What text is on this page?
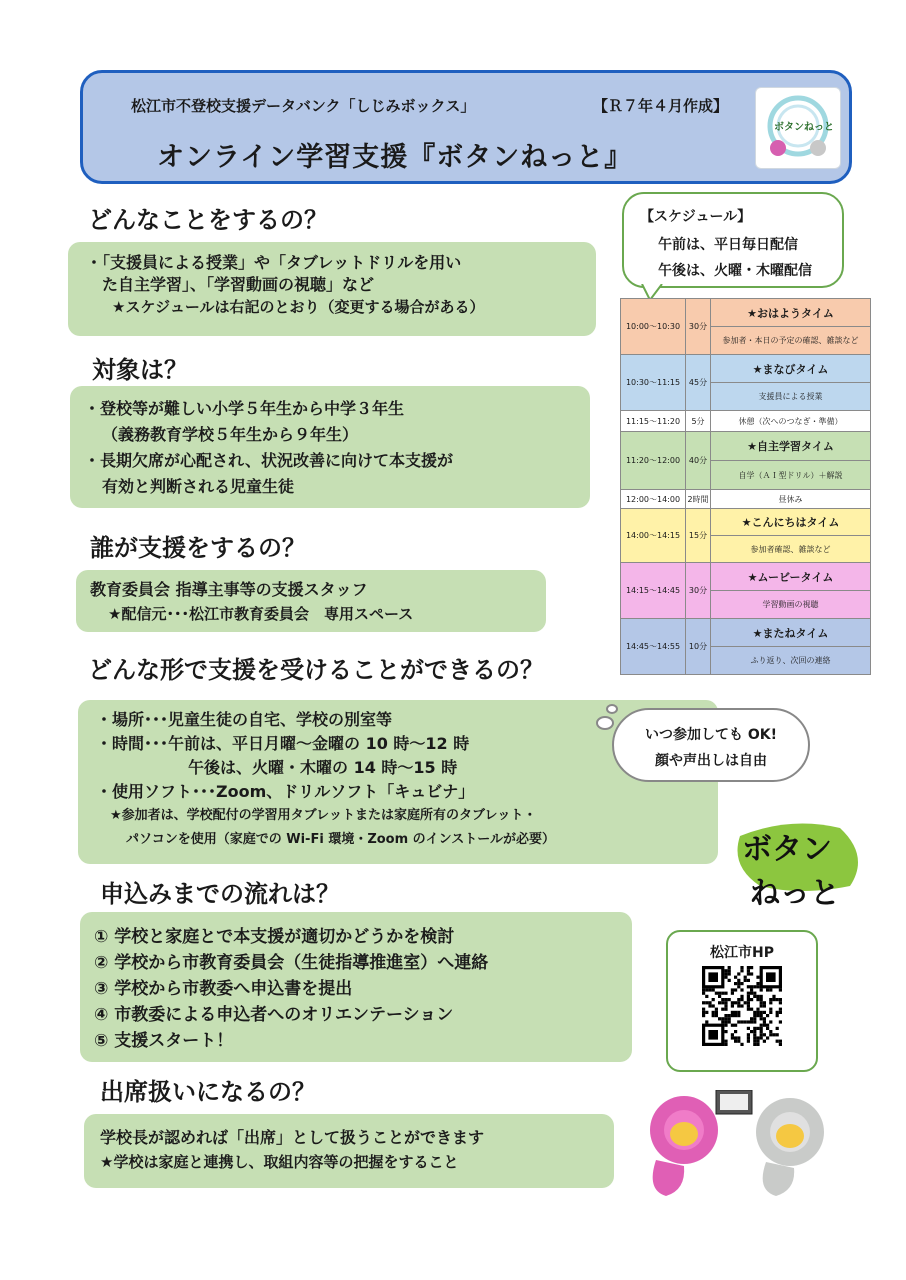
松江市不登校支援データバンク「しじみボックス」	【Ｒ７年４月作成】
オンライン学習支援『ボタンねっと』
ボタンねっと
どんなことをするの？

・「支援員による授業」や「タブレットドリルを用い

　た自主学習」、「学習動画の視聴」など

★スケジュールは右記のとおり（変更する場合がある）

対象は？

・登校等が難しい小学５年生から中学３年生

（義務教育学校５年生から９年生）

・長期欠席が心配され、状況改善に向けて本支援が

有効と判断される児童生徒

誰が支援をするの？

教育委員会 指導主事等の支援スタッフ

★配信元･･･松江市教育委員会　専用スペース

どんな形で支援を受けることができるの？

・場所･･･児童生徒の自宅、学校の別室等

・時間･･･午前は、平日月曜～金曜の 10 時～12 時

午後は、火曜・木曜の 14 時～15 時

・使用ソフト･･･Zoom、ドリルソフト「キュビナ」

★参加者は、学校配付の学習用タブレットまたは家庭所有のタブレット・

パソコンを使用（家庭での Wi-Fi 環境・Zoom のインストールが必要）

申込みまでの流れは？

① 学校と家庭とで本支援が適切かどうかを検討

② 学校から市教育委員会（生徒指導推進室）へ連絡

③ 学校から市教委へ申込書を提出

④ 市教委による申込者へのオリエンテーション

⑤ 支援スタート！

出席扱いになるの？

学校長が認めれば「出席」として扱うことができます

★学校は家庭と連携し、取組内容等の把握をすること

【スケジュール】

午前は、平日毎日配信

午後は、火曜・木曜配信

10:00～10:30	30分	★おはようタイム
		参加者・本日の予定の確認、雑談など
10:30～11:15	45分	★まなびタイム
		支援員による授業
11:15～11:20	5分	休憩（次へのつなぎ・準備）
11:20～12:00	40分	★自主学習タイム
		自学（ＡＩ型ドリル）＋解説
12:00～14:00	2時間	昼休み
14:00～14:15	15分	★こんにちはタイム
		参加者確認、雑談など
14:15～14:45	30分	★ムービータイム
		学習動画の視聴
14:45～14:55	10分	★またねタイム
		ふり返り、次回の連絡

いつ参加しても OK!

顔や声出しは自由

ボタン
ねっと
松江市HP
